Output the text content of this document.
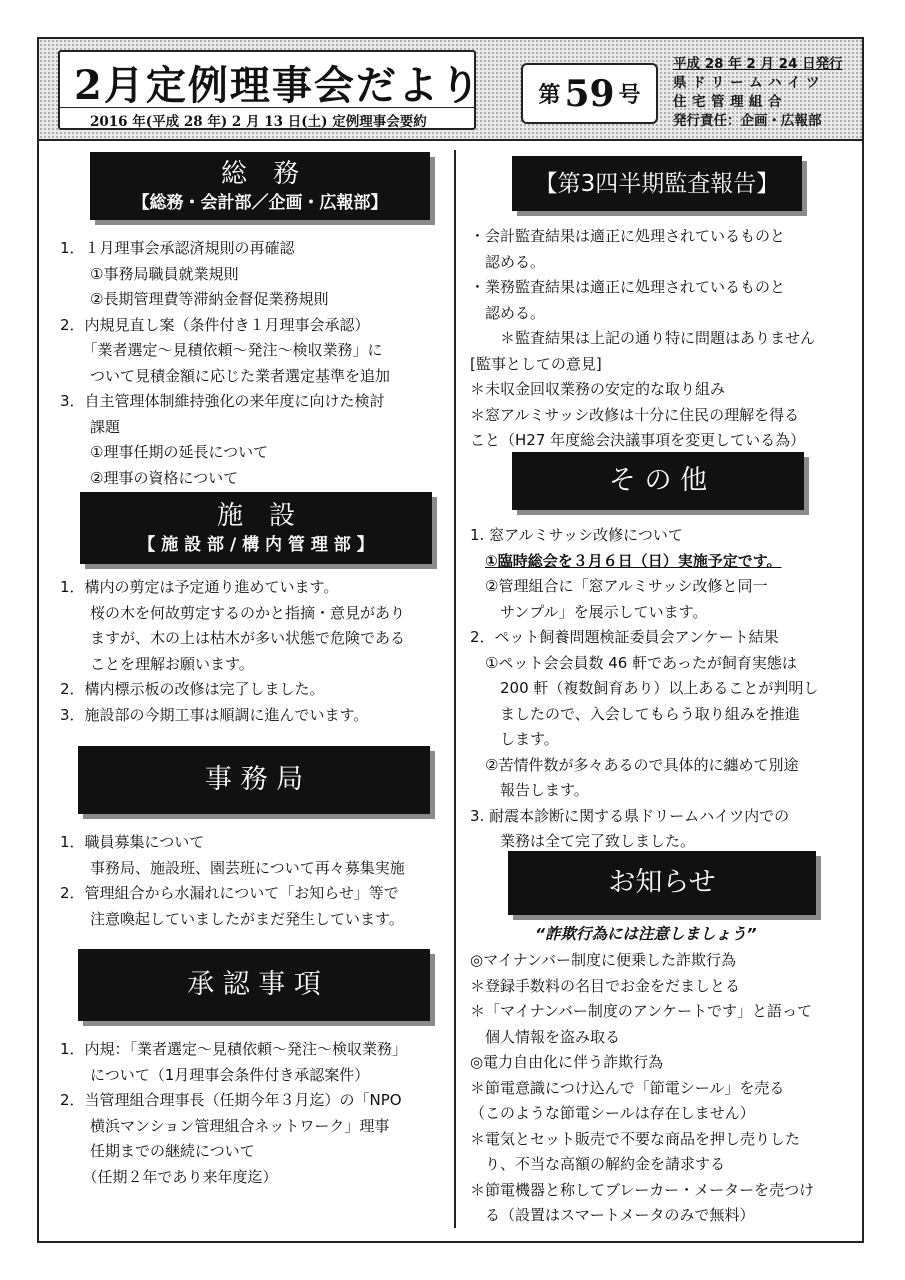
2月定例理事会だより
2016 年(平成 28 年) 2 月 13 日(土) 定例理事会要約
第 59 号
平成 28 年 2 月 24 日発行
県ドリームハイツ
住宅管理組合
発行責任：企画・広報部
総務
【総務・会計部／企画・広報部】
1．１月理事会承認済規則の再確認
　　①事務局職員就業規則
　　②長期管理費等滞納金督促業務規則
2．内規見直し案（条件付き１月理事会承認）
　　「業者選定～見積依頼～発注～検収業務」に
　　ついて見積金額に応じた業者選定基準を追加
3．自主管理体制維持強化の来年度に向けた検討
　　課題
　　①理事任期の延長について
　　②理事の資格について
施設
【 施 設 部 / 構 内 管 理 部 】
1．構内の剪定は予定通り進めています。
　　桜の木を何故剪定するのかと指摘・意見があり
　　ますが、木の上は枯木が多い状態で危険である
　　ことを理解お願います。
2．構内標示板の改修は完了しました。
3．施設部の今期工事は順調に進んでいます。
事 務 局
1．職員募集について
　　事務局、施設班、園芸班について再々募集実施
2．管理組合から水漏れについて「お知らせ」等で
　　注意喚起していましたがまだ発生しています。
承 認 事 項
1．内規：「業者選定～見積依頼～発注～検収業務」
　　について（1月理事会条件付き承認案件）
2．当管理組合理事長（任期今年３月迄）の「NPO
　　横浜マンション管理組合ネットワーク」理事
　　任期までの継続について
　　（任期２年であり来年度迄）
【第3四半期監査報告】
・会計監査結果は適正に処理されているものと
　認める。
・業務監査結果は適正に処理されているものと
　認める。
　　＊監査結果は上記の通り特に問題はありません
[監事としての意見]
＊未収金回収業務の安定的な取り組み
＊窓アルミサッシ改修は十分に住民の理解を得る
こと（H27 年度総会決議事項を変更している為）
そ の 他
1. 窓アルミサッシ改修について
①臨時総会を３月６日（日）実施予定です。
　②管理組合に「窓アルミサッシ改修と同一
　　サンプル」を展示しています。
2．ペット飼養問題検証委員会アンケート結果
　①ペット会会員数 46 軒であったが飼育実態は
　　200 軒（複数飼育あり）以上あることが判明し
　　ましたので、入会してもらう取り組みを推進
　　します。
　②苦情件数が多々あるので具体的に纏めて別途
　　報告します。
3. 耐震本診断に関する県ドリームハイツ内での
　　業務は全て完了致しました。
お知らせ
“詐欺行為には注意しましょう”
◎マイナンバー制度に便乗した詐欺行為
＊登録手数料の名目でお金をだましとる
＊「マイナンバー制度のアンケートです」と語って
　個人情報を盗み取る
◎電力自由化に伴う詐欺行為
＊節電意識につけ込んで「節電シール」を売る
（このような節電シールは存在しません）
＊電気とセット販売で不要な商品を押し売りした
　り、不当な高額の解約金を請求する
＊節電機器と称してブレーカー・メーターを売つけ
　る（設置はスマートメータのみで無料）
